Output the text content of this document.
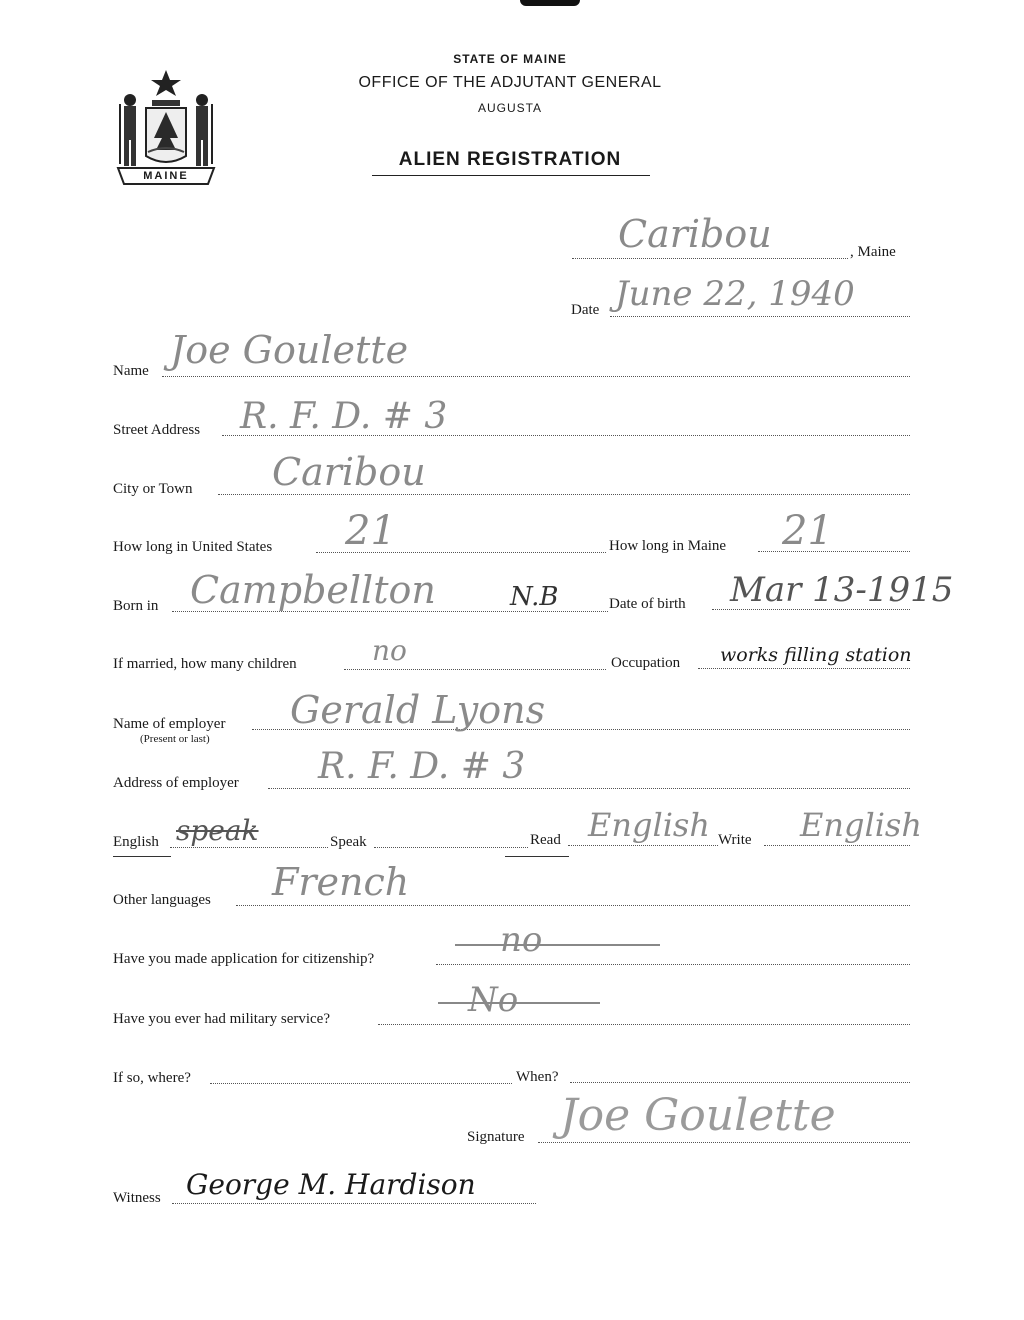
MAINE
STATE OF MAINE
OFFICE OF THE ADJUTANT GENERAL
AUGUSTA
ALIEN REGISTRATION
Caribou	, Maine
Date June 22, 1940
Name Joe Goulette
Street Address R. F. D. # 3
City or Town Caribou
How long in United States 21	How long in Maine 21
Born in Campbellton	N.B	Date of birth Mar 13-1915
If married, how many children	no	Occupation works filling station
Name of employer
(Present or last)
Gerald Lyons
Address of employer R. F. D. # 3
English speak	Speak	Read English Write English
Other languages French
Have you made application for citizenship?	no
Have you ever had military service?	No
If so, where?	When?
Signature Joe Goulette
Witness George M. Hardison
